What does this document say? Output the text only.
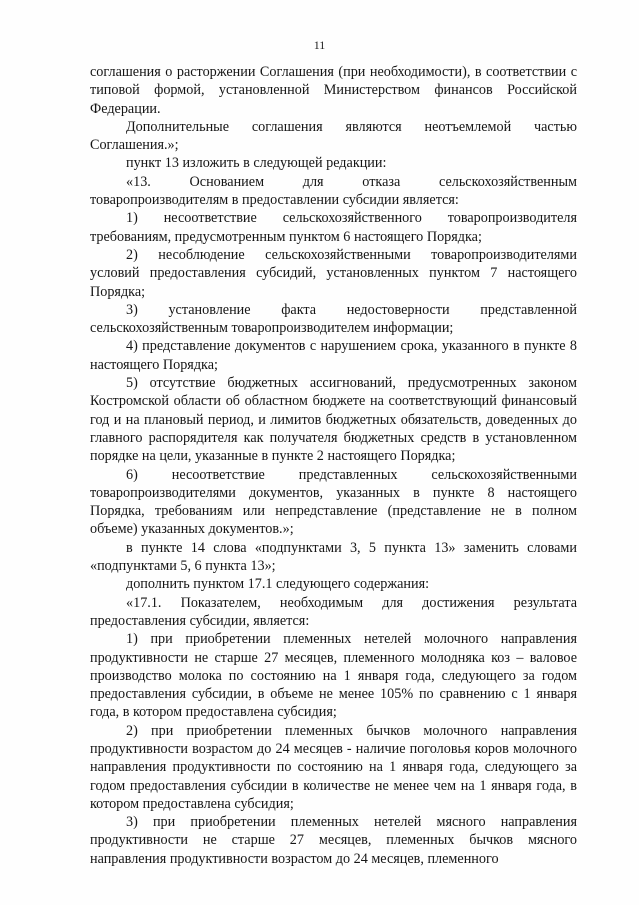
11

соглашения о расторжении Соглашения (при необходимости), в соответствии с типовой формой, установленной Министерством финансов Российской Федерации.

Дополнительные соглашения являются неотъемлемой частью Соглашения.»;

пункт 13 изложить в следующей редакции:

«13. Основанием для отказа сельскохозяйственным товаропроизводителям в предоставлении субсидии является:

1) несоответствие сельскохозяйственного товаропроизводителя требованиям, предусмотренным пунктом 6 настоящего Порядка;

2) несоблюдение сельскохозяйственными товаропроизводителями условий предоставления субсидий, установленных пунктом 7 настоящего Порядка;

3) установление факта недостоверности представленной сельскохозяйственным товаропроизводителем информации;

4) представление документов с нарушением срока, указанного в пункте 8 настоящего Порядка;

5) отсутствие бюджетных ассигнований, предусмотренных законом Костромской области об областном бюджете на соответствующий финансовый год и на плановый период, и лимитов бюджетных обязательств, доведенных до главного распорядителя как получателя бюджетных средств в установленном порядке на цели, указанные в пункте 2 настоящего Порядка;

6) несоответствие представленных сельскохозяйственными товаропроизводителями документов, указанных в пункте 8 настоящего Порядка, требованиям или непредставление (представление не в полном объеме) указанных документов.»;

в пункте 14 слова «подпунктами 3, 5 пункта 13» заменить словами «подпунктами 5, 6 пункта 13»;

дополнить пунктом 17.1 следующего содержания:

«17.1. Показателем, необходимым для достижения результата предоставления субсидии, является:

1) при приобретении племенных нетелей молочного направления продуктивности не старше 27 месяцев, племенного молодняка коз – валовое производство молока по состоянию на 1 января года, следующего за годом предоставления субсидии, в объеме не менее 105% по сравнению с 1 января года, в котором предоставлена субсидия;

2) при приобретении племенных бычков молочного направления продуктивности возрастом до 24 месяцев - наличие поголовья коров молочного направления продуктивности по состоянию на 1 января года, следующего за годом предоставления субсидии в количестве не менее чем на 1 января года, в котором предоставлена субсидия;

3) при приобретении племенных нетелей мясного направления продуктивности не старше 27 месяцев, племенных бычков мясного направления продуктивности возрастом до 24 месяцев, племенного
